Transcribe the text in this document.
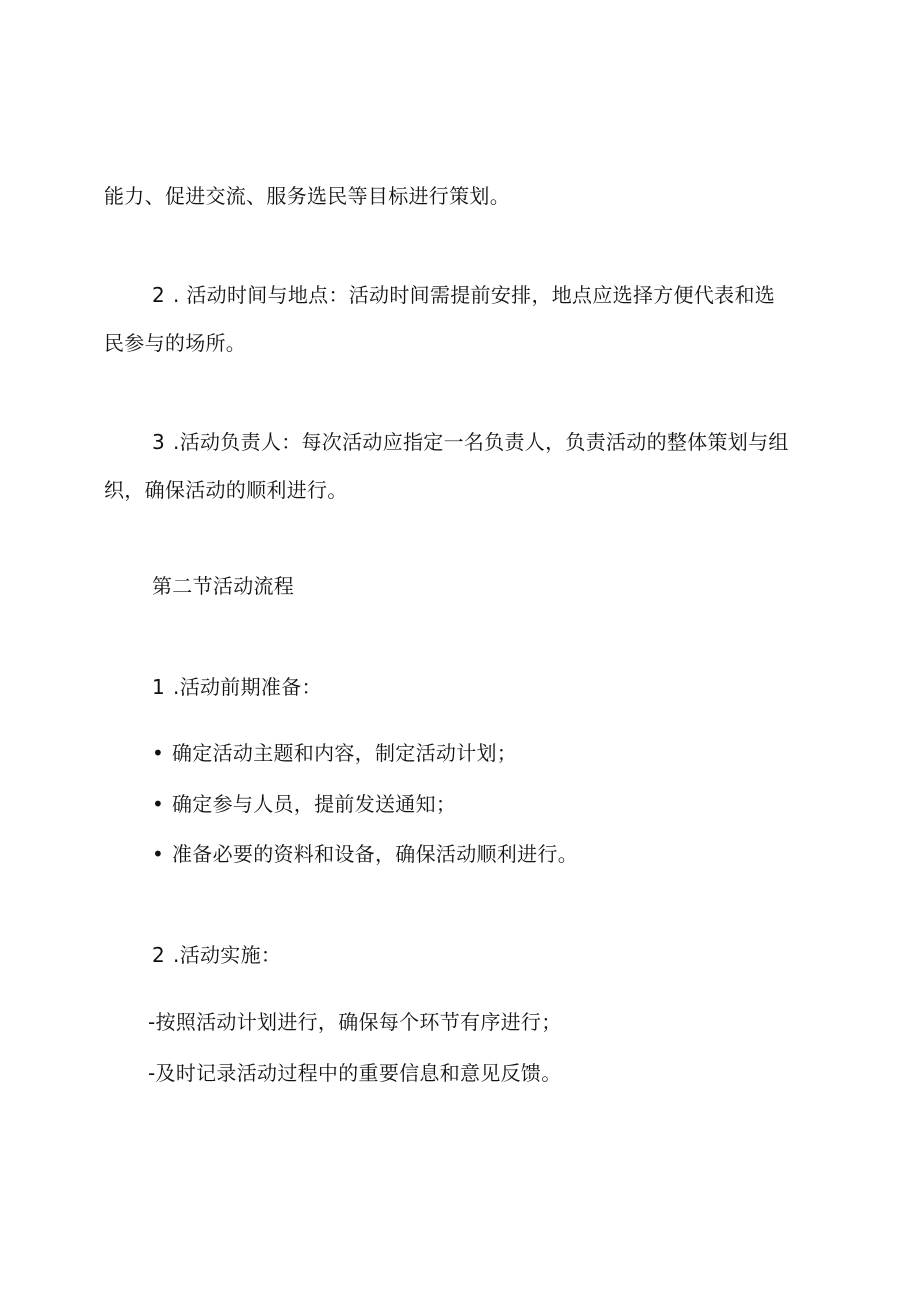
能力、促进交流、服务选民等目标进行策划。
2 . 活动时间与地点：活动时间需提前安排，地点应选择方便代表和选
民参与的场所。
3 .活动负责人：每次活动应指定一名负责人，负责活动的整体策划与组
织，确保活动的顺利进行。
第二节活动流程
1 .活动前期准备：
• 确定活动主题和内容，制定活动计划；
• 确定参与人员，提前发送通知；
• 准备必要的资料和设备，确保活动顺利进行。
2 .活动实施：
-按照活动计划进行，确保每个环节有序进行；
-及时记录活动过程中的重要信息和意见反馈。
